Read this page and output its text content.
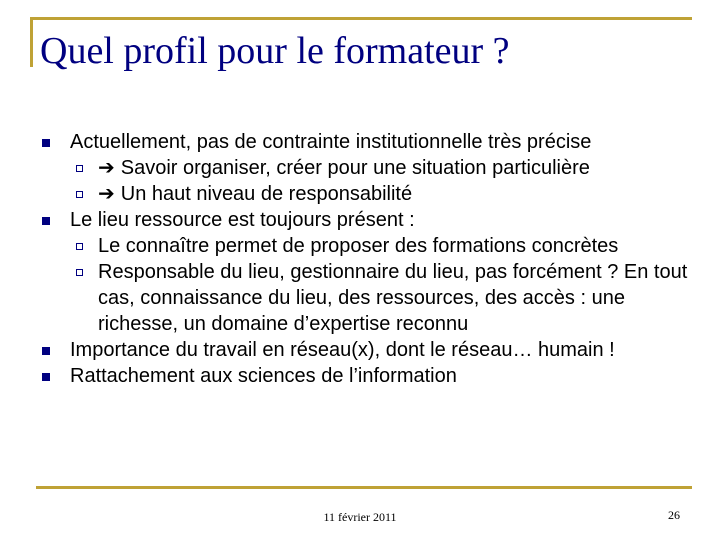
Quel profil pour le formateur ?
Actuellement, pas de contrainte institutionnelle très précise
➔ Savoir organiser, créer pour une situation particulière
➔ Un haut niveau de responsabilité
Le lieu ressource est toujours présent :
Le connaître permet de proposer des formations concrètes
Responsable du lieu, gestionnaire du lieu, pas forcément ? En tout cas, connaissance du lieu, des ressources, des accès : une richesse, un domaine d’expertise reconnu
Importance du travail en réseau(x), dont le réseau… humain !
Rattachement aux sciences de l’information
11 février 2011	26
